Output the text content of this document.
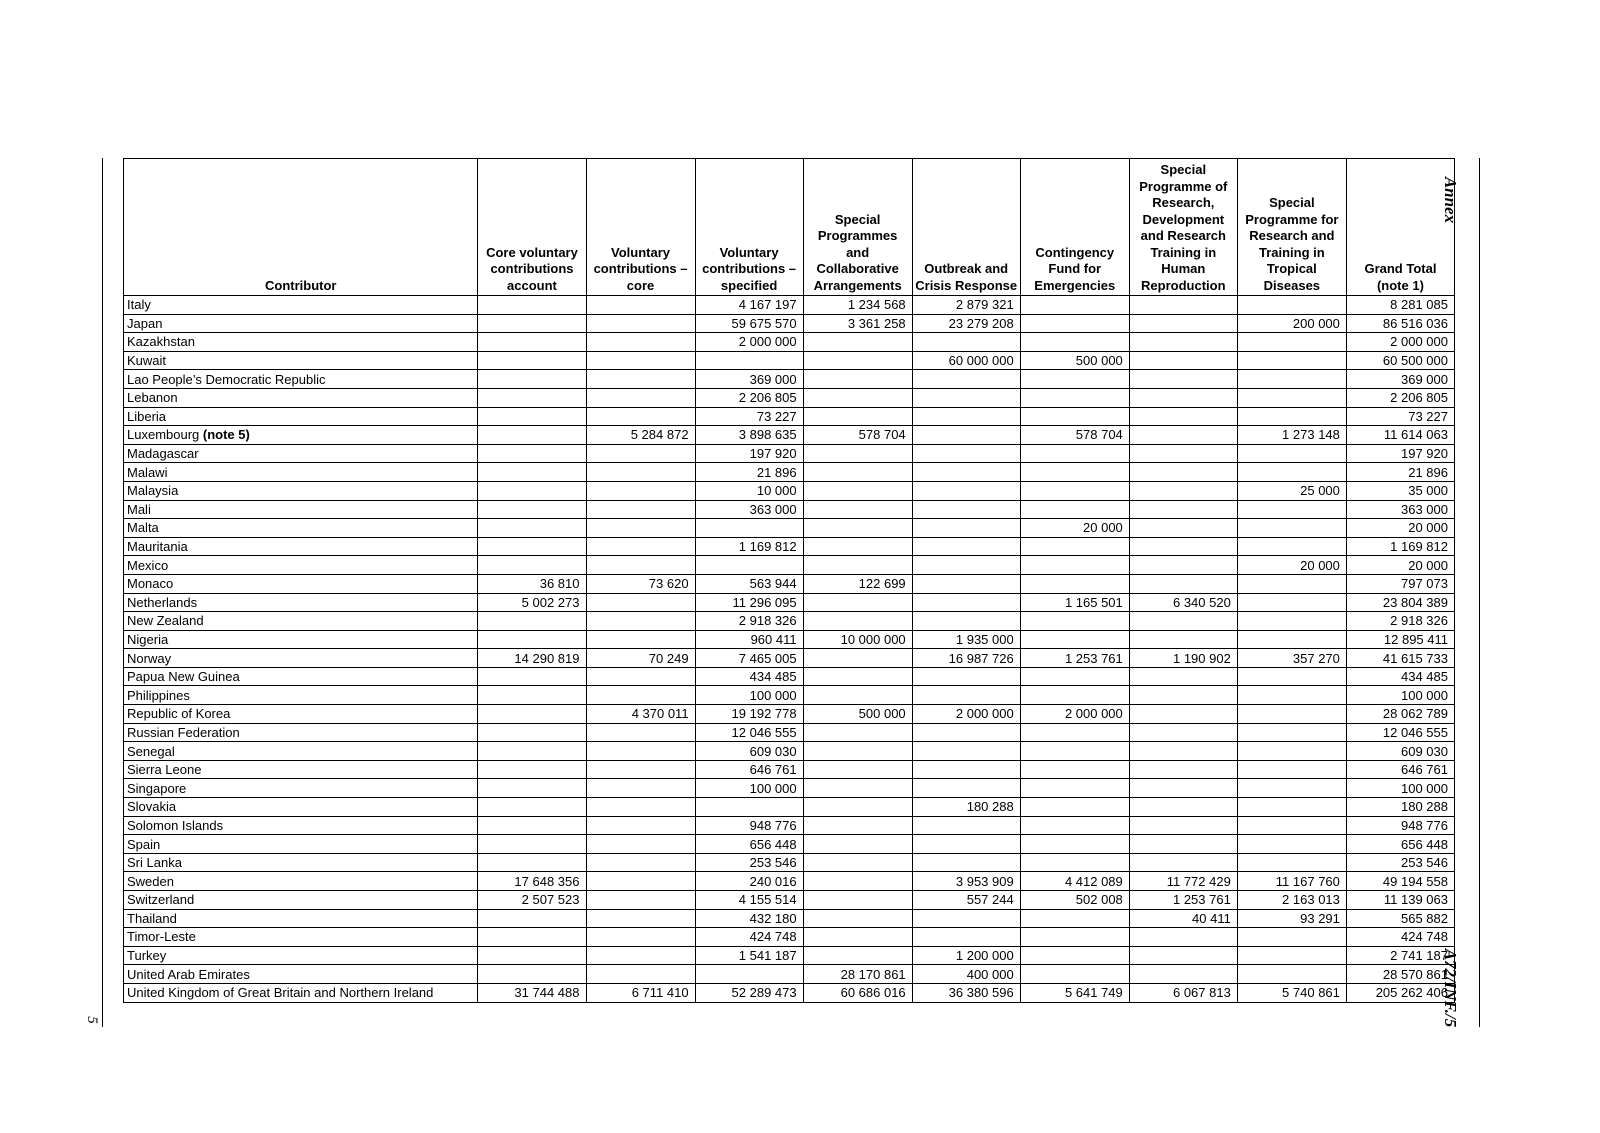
5
Annex
A72/INF./5
Contributor	Core voluntary contributions account	Voluntary contributions – core	Voluntary contributions – specified	Special Programmes and Collaborative Arrangements	Outbreak and Crisis Response	Contingency Fund for Emergencies	Special Programme of Research, Development and Research Training in Human Reproduction	Special Programme for Research and Training in Tropical Diseases	Grand Total (note 1)
Italy			4 167 197	1 234 568	2 879 321				8 281 085
Japan			59 675 570	3 361 258	23 279 208			200 000	86 516 036
Kazakhstan			2 000 000						2 000 000
Kuwait					60 000 000	500 000			60 500 000
Lao People’s Democratic Republic			369 000						369 000
Lebanon			2 206 805						2 206 805
Liberia			73 227						73 227
Luxembourg (note 5)		5 284 872	3 898 635	578 704		578 704		1 273 148	11 614 063
Madagascar			197 920						197 920
Malawi			21 896						21 896
Malaysia			10 000					25 000	35 000
Mali			363 000						363 000
Malta						20 000			20 000
Mauritania			1 169 812						1 169 812
Mexico								20 000	20 000
Monaco	36 810	73 620	563 944	122 699					797 073
Netherlands	5 002 273		11 296 095			1 165 501	6 340 520		23 804 389
New Zealand			2 918 326						2 918 326
Nigeria			960 411	10 000 000	1 935 000				12 895 411
Norway	14 290 819	70 249	7 465 005		16 987 726	1 253 761	1 190 902	357 270	41 615 733
Papua New Guinea			434 485						434 485
Philippines			100 000						100 000
Republic of Korea		4 370 011	19 192 778	500 000	2 000 000	2 000 000			28 062 789
Russian Federation			12 046 555						12 046 555
Senegal			609 030						609 030
Sierra Leone			646 761						646 761
Singapore			100 000						100 000
Slovakia					180 288				180 288
Solomon Islands			948 776						948 776
Spain			656 448						656 448
Sri Lanka			253 546						253 546
Sweden	17 648 356		240 016		3 953 909	4 412 089	11 772 429	11 167 760	49 194 558
Switzerland	2 507 523		4 155 514		557 244	502 008	1 253 761	2 163 013	11 139 063
Thailand			432 180				40 411	93 291	565 882
Timor-Leste			424 748						424 748
Turkey			1 541 187		1 200 000				2 741 187
United Arab Emirates				28 170 861	400 000				28 570 861
United Kingdom of Great Britain and Northern Ireland	31 744 488	6 711 410	52 289 473	60 686 016	36 380 596	5 641 749	6 067 813	5 740 861	205 262 406
